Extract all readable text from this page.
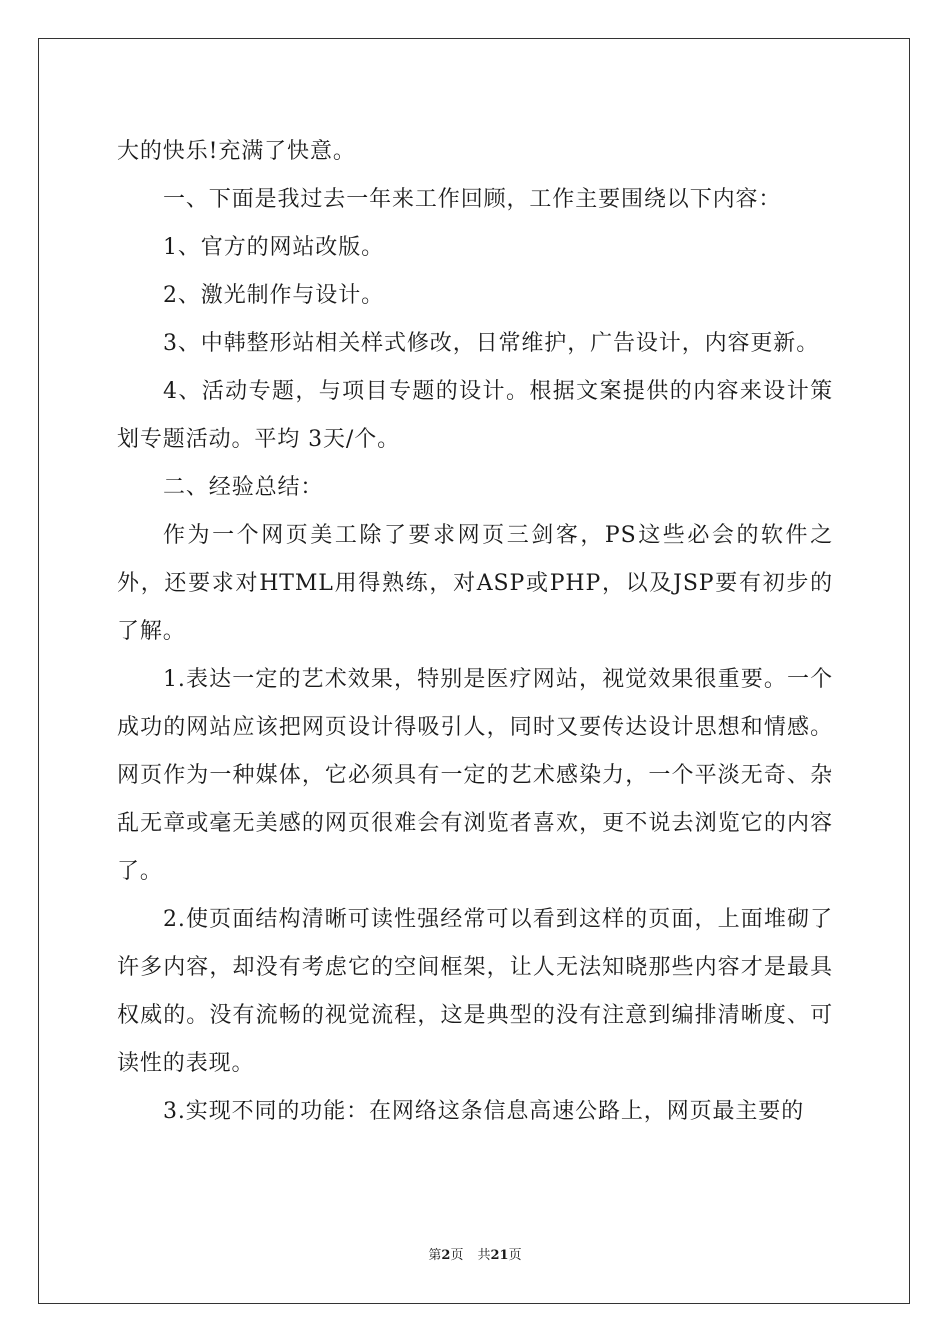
大的快乐!充满了快意。

一、下面是我过去一年来工作回顾，工作主要围绕以下内容：

1、官方的网站改版。

2、激光制作与设计。

3、中韩整形站相关样式修改，日常维护，广告设计，内容更新。

4、活动专题，与项目专题的设计。根据文案提供的内容来设计策划专题活动。平均 3天/个。

二、经验总结：

作为一个网页美工除了要求网页三剑客，PS这些必会的软件之外，还要求对HTML用得熟练，对ASP或PHP，以及JSP要有初步的了解。

1.表达一定的艺术效果，特别是医疗网站，视觉效果很重要。一个成功的网站应该把网页设计得吸引人，同时又要传达设计思想和情感。网页作为一种媒体，它必须具有一定的艺术感染力，一个平淡无奇、杂乱无章或毫无美感的网页很难会有浏览者喜欢，更不说去浏览它的内容了。

2.使页面结构清晰可读性强经常可以看到这样的页面，上面堆砌了许多内容，却没有考虑它的空间框架，让人无法知晓那些内容才是最具权威的。没有流畅的视觉流程，这是典型的没有注意到编排清晰度、可读性的表现。

3.实现不同的功能：在网络这条信息高速公路上，网页最主要的

第2页 共21页
